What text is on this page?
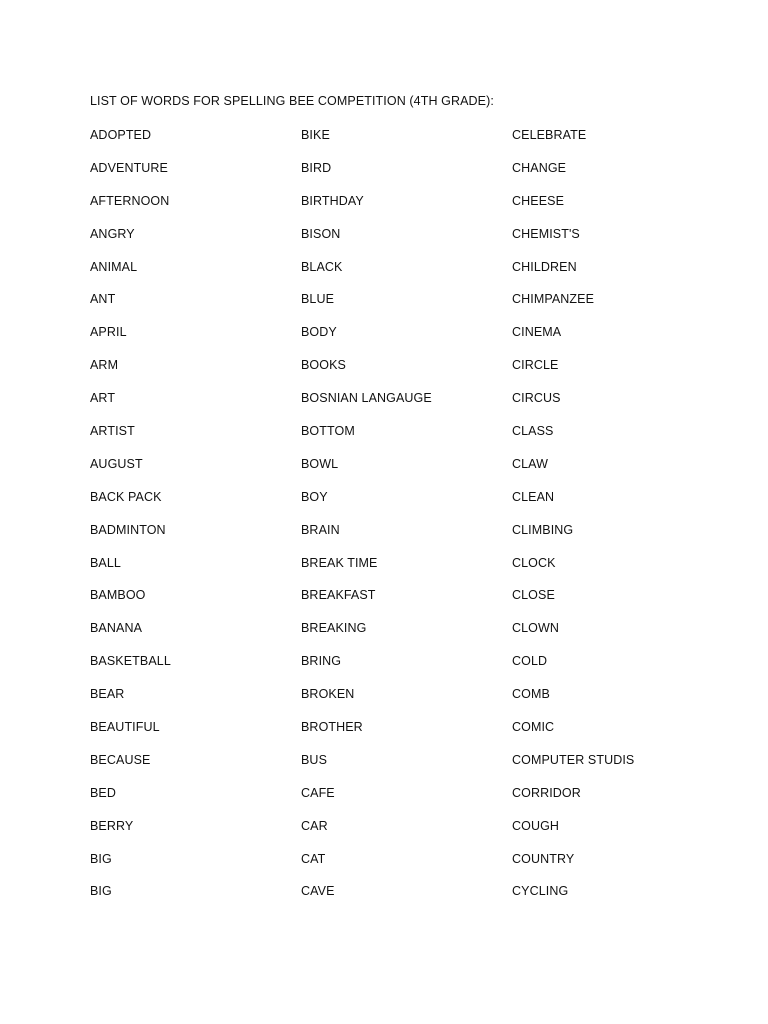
LIST OF WORDS FOR SPELLING BEE COMPETITION (4TH GRADE):
ADOPTED	BIKE	CELEBRATE
ADVENTURE	BIRD	CHANGE
AFTERNOON	BIRTHDAY	CHEESE
ANGRY	BISON	CHEMIST'S
ANIMAL	BLACK	CHILDREN
ANT	BLUE	CHIMPANZEE
APRIL	BODY	CINEMA
ARM	BOOKS	CIRCLE
ART	BOSNIAN LANGAUGE	CIRCUS
ARTIST	BOTTOM	CLASS
AUGUST	BOWL	CLAW
BACK PACK	BOY	CLEAN
BADMINTON	BRAIN	CLIMBING
BALL	BREAK TIME	CLOCK
BAMBOO	BREAKFAST	CLOSE
BANANA	BREAKING	CLOWN
BASKETBALL	BRING	COLD
BEAR	BROKEN	COMB
BEAUTIFUL	BROTHER	COMIC
BECAUSE	BUS	COMPUTER STUDIS
BED	CAFE	CORRIDOR
BERRY	CAR	COUGH
BIG	CAT	COUNTRY
BIG	CAVE	CYCLING
